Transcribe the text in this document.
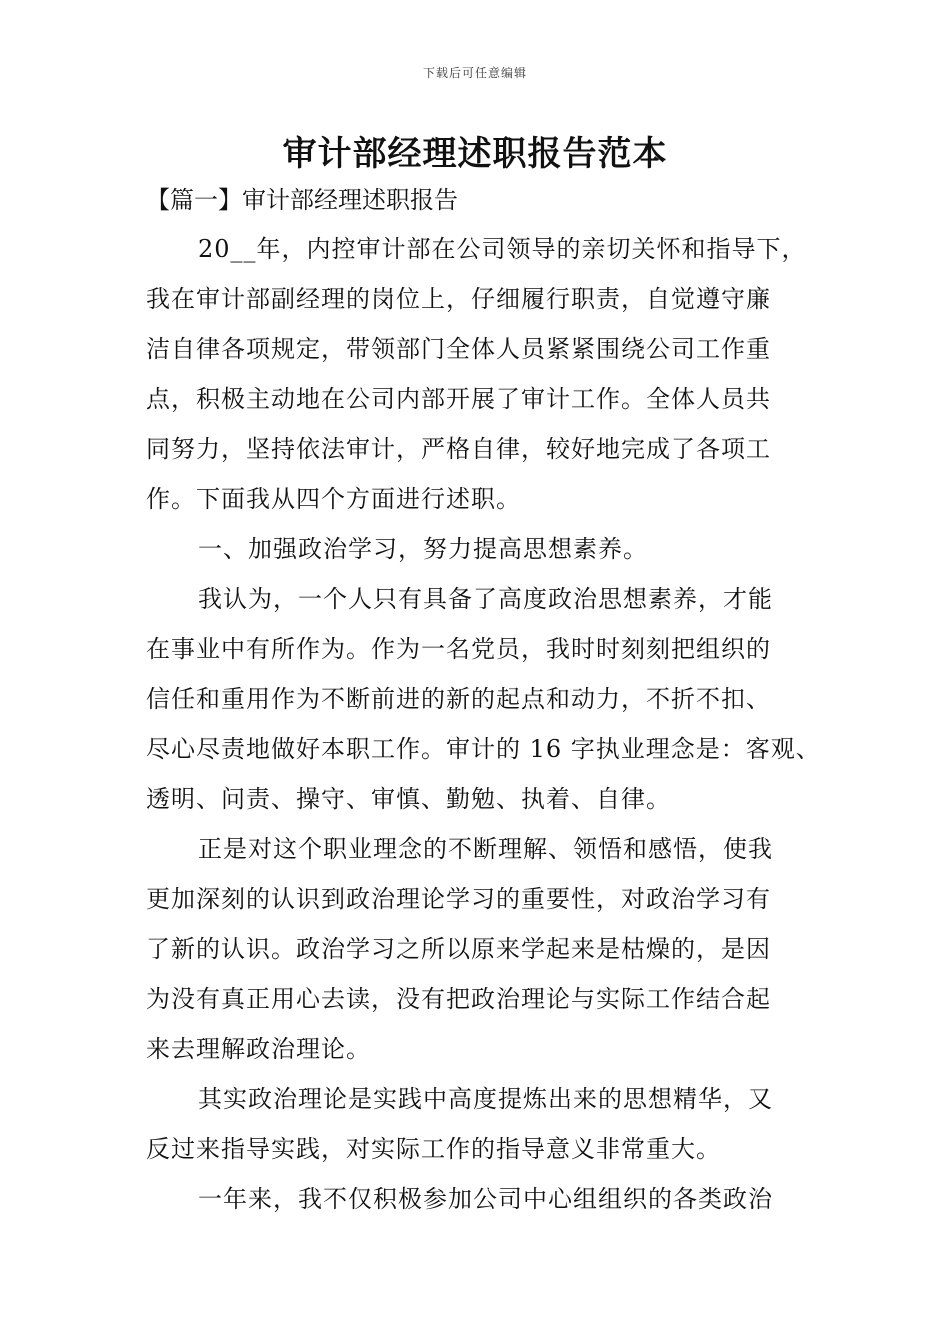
下载后可任意编辑
审计部经理述职报告范本
【篇一】审计部经理述职报告
20__年，内控审计部在公司领导的亲切关怀和指导下，
我在审计部副经理的岗位上，仔细履行职责，自觉遵守廉
洁自律各项规定，带领部门全体人员紧紧围绕公司工作重
点，积极主动地在公司内部开展了审计工作。全体人员共
同努力，坚持依法审计，严格自律，较好地完成了各项工
作。下面我从四个方面进行述职。
一、加强政治学习，努力提高思想素养。
我认为，一个人只有具备了高度政治思想素养，才能
在事业中有所作为。作为一名党员，我时时刻刻把组织的
信任和重用作为不断前进的新的起点和动力，不折不扣、
尽心尽责地做好本职工作。审计的 16 字执业理念是：客观、
透明、问责、操守、审慎、勤勉、执着、自律。
正是对这个职业理念的不断理解、领悟和感悟，使我
更加深刻的认识到政治理论学习的重要性，对政治学习有
了新的认识。政治学习之所以原来学起来是枯燥的，是因
为没有真正用心去读，没有把政治理论与实际工作结合起
来去理解政治理论。
其实政治理论是实践中高度提炼出来的思想精华，又
反过来指导实践，对实际工作的指导意义非常重大。
一年来，我不仅积极参加公司中心组组织的各类政治
